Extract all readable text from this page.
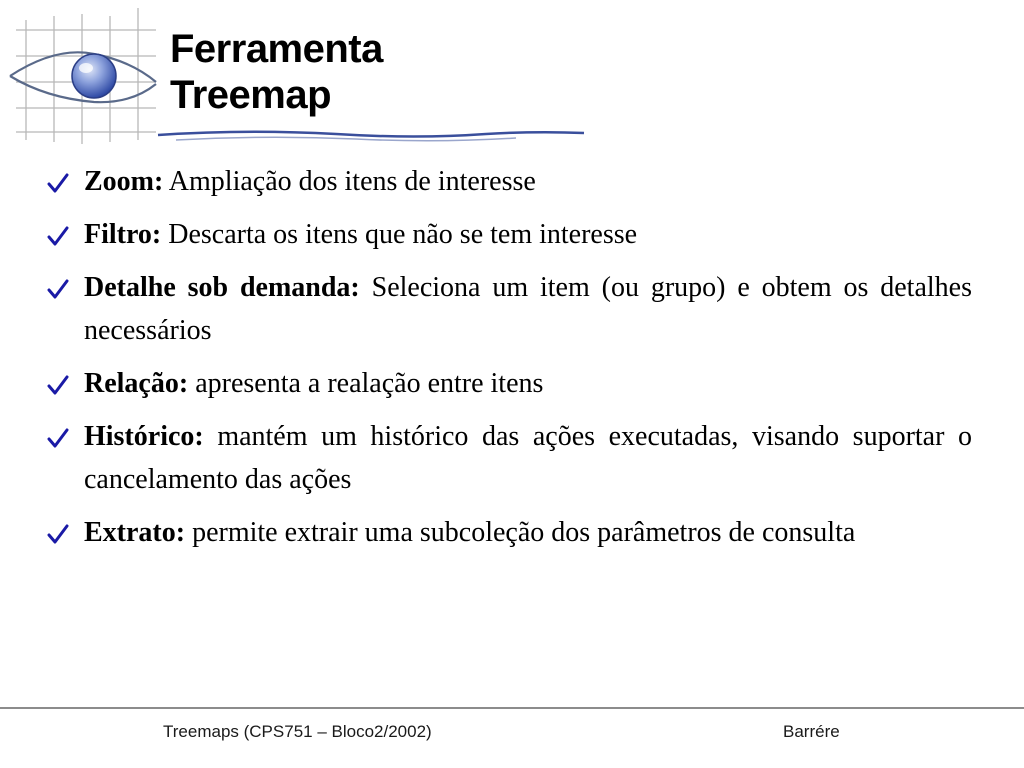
Ferramenta
Treemap
Zoom: Ampliação dos itens de interesse
Filtro: Descarta os itens que não se tem interesse
Detalhe sob demanda: Seleciona um item (ou grupo) e obtem os detalhes necessários
Relação: apresenta a realação entre itens
Histórico: mantém um histórico das ações executadas, visando suportar o cancelamento das ações
Extrato: permite extrair uma subcoleção dos parâmetros de consulta
Treemaps (CPS751 – Bloco2/2002)	Barrére
